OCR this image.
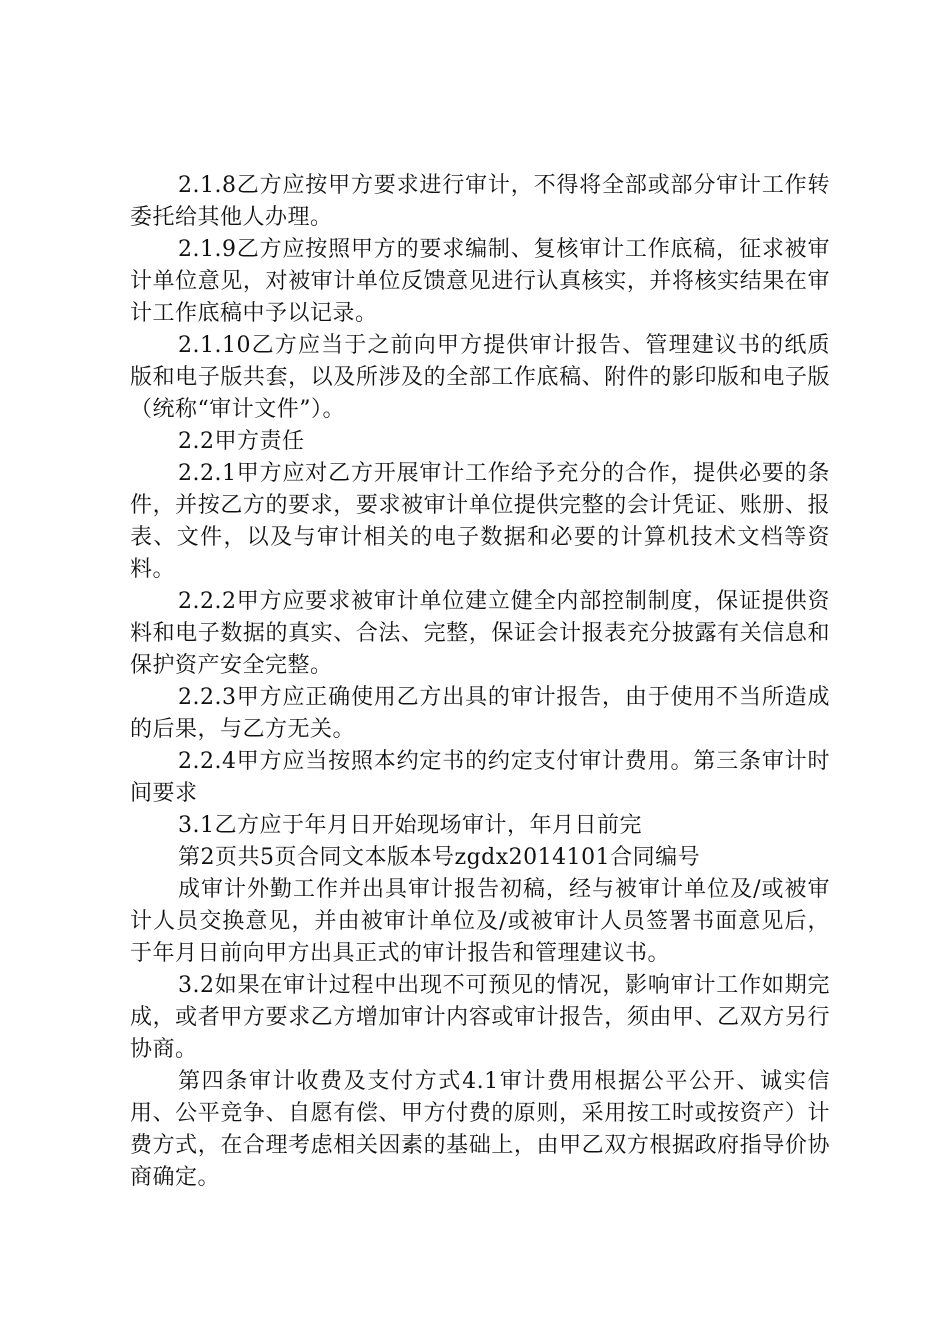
2.1.8乙方应按甲方要求进行审计，不得将全部或部分审计工作转委托给其他人办理。

2.1.9乙方应按照甲方的要求编制、复核审计工作底稿，征求被审计单位意见，对被审计单位反馈意见进行认真核实，并将核实结果在审计工作底稿中予以记录。

2.1.10乙方应当于之前向甲方提供审计报告、管理建议书的纸质版和电子版共套，以及所涉及的全部工作底稿、附件的影印版和电子版（统称“审计文件”）。

2.2甲方责任

2.2.1甲方应对乙方开展审计工作给予充分的合作，提供必要的条件，并按乙方的要求，要求被审计单位提供完整的会计凭证、账册、报表、文件，以及与审计相关的电子数据和必要的计算机技术文档等资料。

2.2.2甲方应要求被审计单位建立健全内部控制制度，保证提供资料和电子数据的真实、合法、完整，保证会计报表充分披露有关信息和保护资产安全完整。

2.2.3甲方应正确使用乙方出具的审计报告，由于使用不当所造成的后果，与乙方无关。

2.2.4甲方应当按照本约定书的约定支付审计费用。第三条审计时间要求

3.1乙方应于年月日开始现场审计，年月日前完

第2页共5页合同文本版本号zgdx2014101合同编号

成审计外勤工作并出具审计报告初稿，经与被审计单位及/或被审计人员交换意见，并由被审计单位及/或被审计人员签署书面意见后，于年月日前向甲方出具正式的审计报告和管理建议书。

3.2如果在审计过程中出现不可预见的情况，影响审计工作如期完成，或者甲方要求乙方增加审计内容或审计报告，须由甲、乙双方另行协商。

第四条审计收费及支付方式4.1审计费用根据公平公开、诚实信用、公平竞争、自愿有偿、甲方付费的原则，采用按工时或按资产）计费方式，在合理考虑相关因素的基础上，由甲乙双方根据政府指导价协商确定。
